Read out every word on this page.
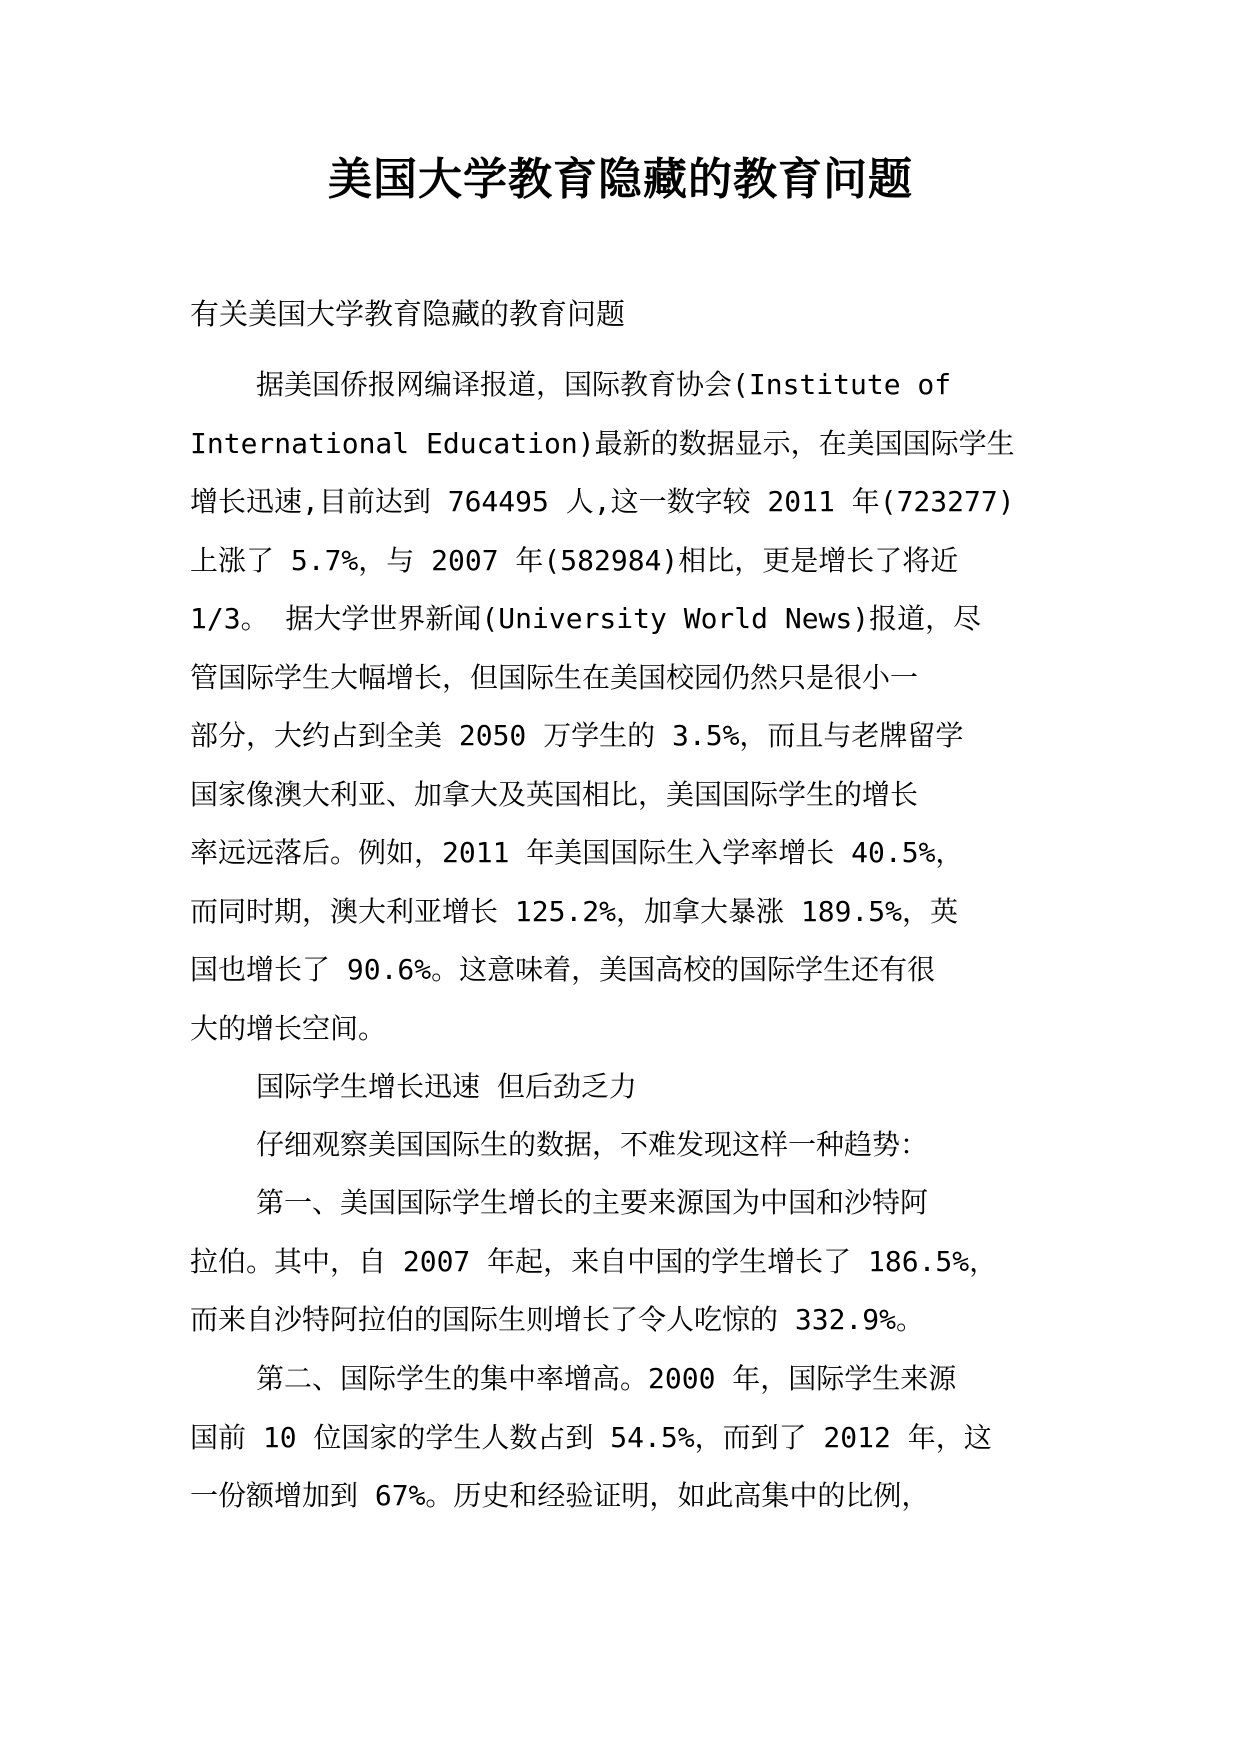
美国大学教育隐藏的教育问题

有关美国大学教育隐藏的教育问题

据美国侨报网编译报道，国际教育协会(Institute of
International Education)最新的数据显示，在美国国际学生
增长迅速,目前达到 764495 人,这一数字较 2011 年(723277)
上涨了 5.7%，与 2007 年(582984)相比，更是增长了将近
1/3。 据大学世界新闻(University World News)报道，尽
管国际学生大幅增长，但国际生在美国校园仍然只是很小一
部分，大约占到全美 2050 万学生的 3.5%，而且与老牌留学
国家像澳大利亚、加拿大及英国相比，美国国际学生的增长
率远远落后。例如，2011 年美国国际生入学率增长 40.5%，
而同时期，澳大利亚增长 125.2%，加拿大暴涨 189.5%，英
国也增长了 90.6%。这意味着，美国高校的国际学生还有很
大的增长空间。
国际学生增长迅速 但后劲乏力
仔细观察美国国际生的数据，不难发现这样一种趋势：
第一、美国国际学生增长的主要来源国为中国和沙特阿
拉伯。其中，自 2007 年起，来自中国的学生增长了 186.5%，
而来自沙特阿拉伯的国际生则增长了令人吃惊的 332.9%。
第二、国际学生的集中率增高。2000 年，国际学生来源
国前 10 位国家的学生人数占到 54.5%，而到了 2012 年，这
一份额增加到 67%。历史和经验证明，如此高集中的比例，
